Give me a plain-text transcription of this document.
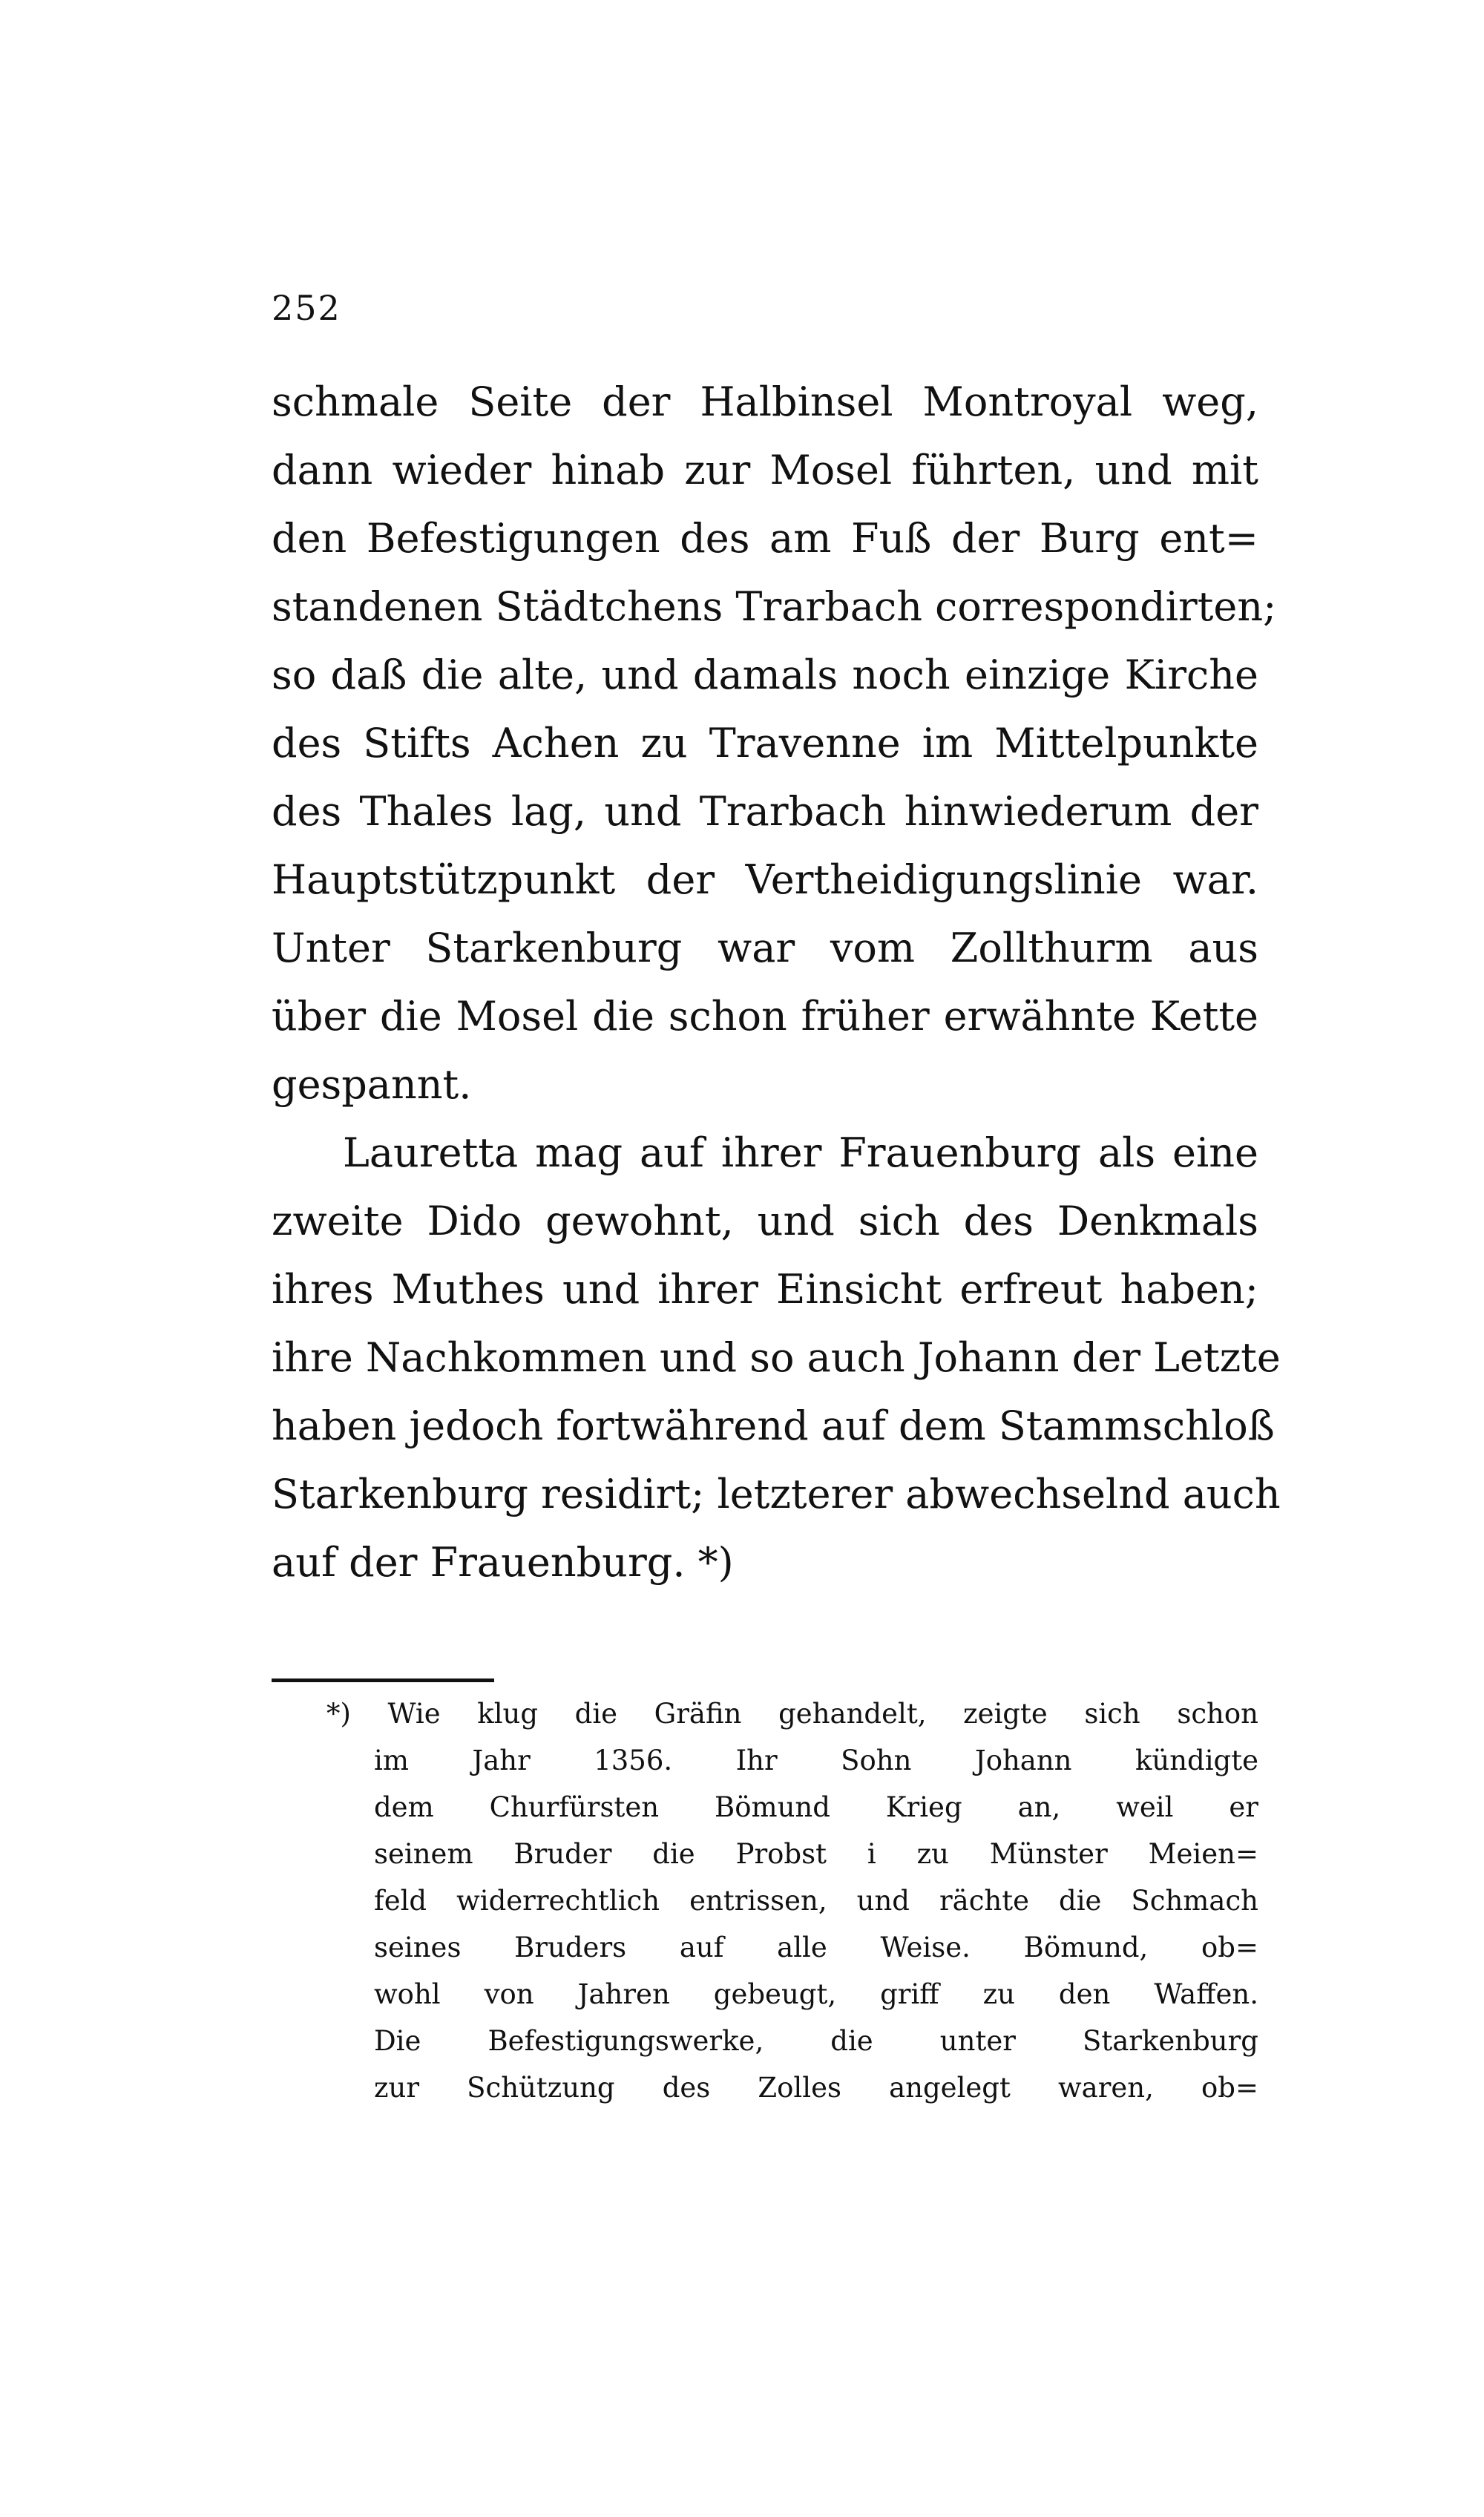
252
schmale Seite der Halbinsel Montroyal weg,
dann wieder hinab zur Mosel führten, und mit
den Befestigungen des am Fuß der Burg ent=
standenen Städtchens Trarbach correspondirten;
so daß die alte, und damals noch einzige Kirche
des Stifts Achen zu Travenne im Mittelpunkte
des Thales lag, und Trarbach hinwiederum der
Hauptstützpunkt der Vertheidigungslinie war.
Unter Starkenburg war vom Zollthurm aus
über die Mosel die schon früher erwähnte Kette
gespannt.
Lauretta mag auf ihrer Frauenburg als eine
zweite Dido gewohnt, und sich des Denkmals
ihres Muthes und ihrer Einsicht erfreut haben;
ihre Nachkommen und so auch Johann der Letzte
haben jedoch fortwährend auf dem Stammschloß
Starkenburg residirt; letzterer abwechselnd auch
auf der Frauenburg. *)
*) Wie klug die Gräfin gehandelt, zeigte sich schon
im Jahr 1356. Ihr Sohn Johann kündigte
dem Churfürsten Bömund Krieg an, weil er
seinem Bruder die Probst i zu Münster Meien=
feld widerrechtlich entrissen, und rächte die Schmach
seines Bruders auf alle Weise. Bömund, ob=
wohl von Jahren gebeugt, griff zu den Waffen.
Die Befestigungswerke, die unter Starkenburg
zur Schützung des Zolles angelegt waren, ob=
